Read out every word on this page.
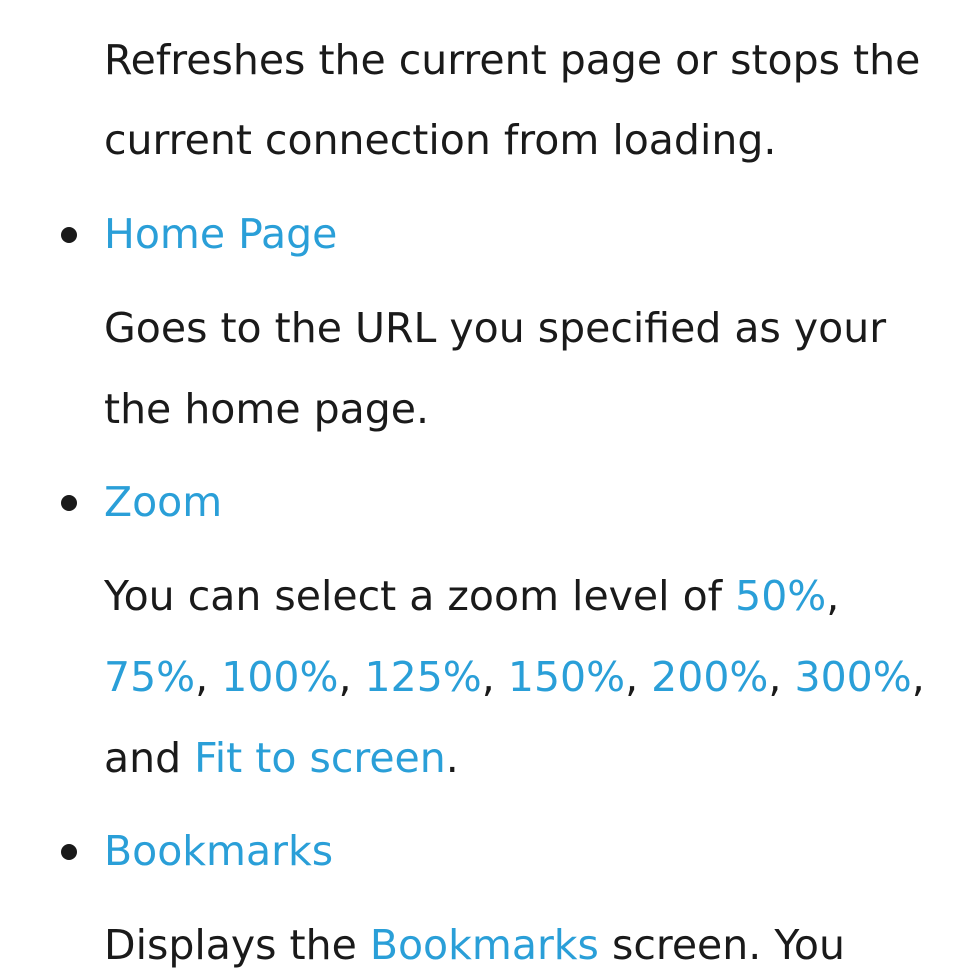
Refreshes the current page or stops the
current connection from loading.
Home Page
Goes to the URL you specified as your
the home page.
Zoom
You can select a zoom level of 50%,
75%, 100%, 125%, 150%, 200%, 300%,
and Fit to screen.
Bookmarks
Displays the Bookmarks screen. You
